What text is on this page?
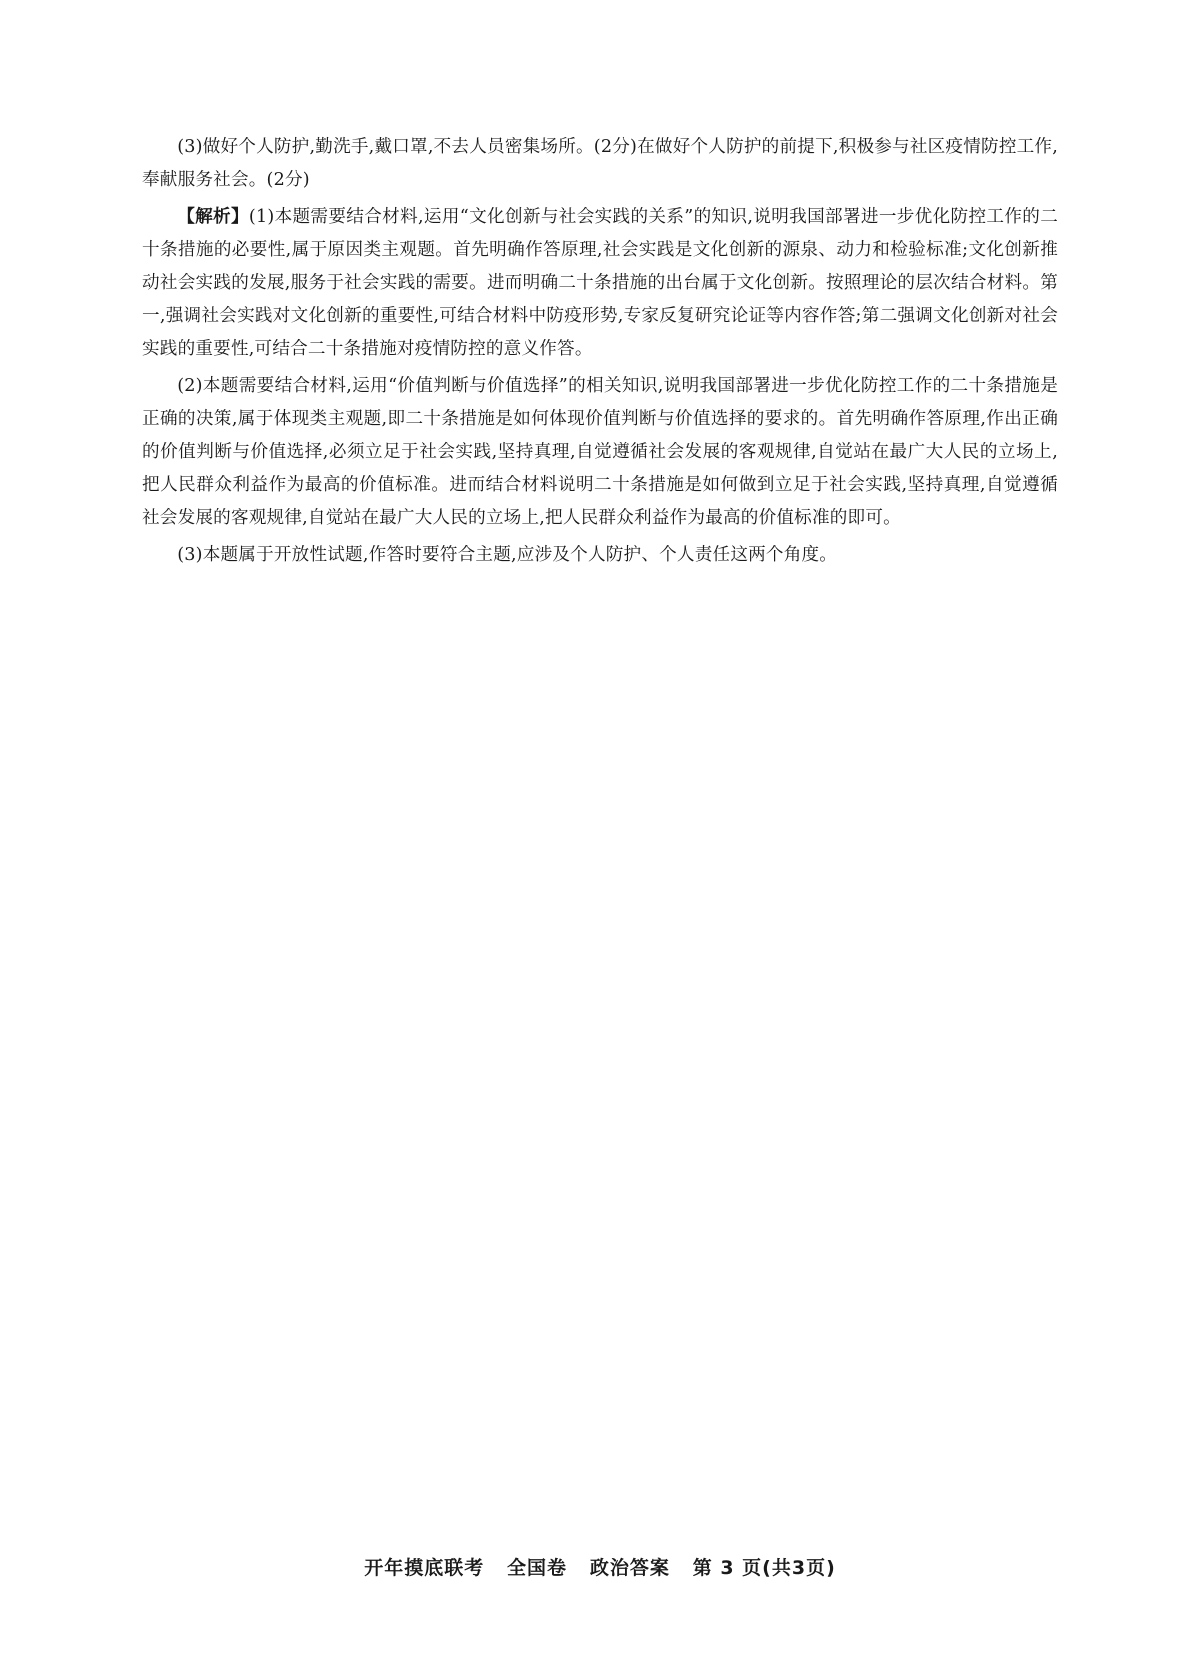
(3)做好个人防护,勤洗手,戴口罩,不去人员密集场所。(2分)在做好个人防护的前提下,积极参与社区疫情防控工作,奉献服务社会。(2分)

【解析】(1)本题需要结合材料,运用“文化创新与社会实践的关系”的知识,说明我国部署进一步优化防控工作的二十条措施的必要性,属于原因类主观题。首先明确作答原理,社会实践是文化创新的源泉、动力和检验标准;文化创新推动社会实践的发展,服务于社会实践的需要。进而明确二十条措施的出台属于文化创新。按照理论的层次结合材料。第一,强调社会实践对文化创新的重要性,可结合材料中防疫形势,专家反复研究论证等内容作答;第二强调文化创新对社会实践的重要性,可结合二十条措施对疫情防控的意义作答。

(2)本题需要结合材料,运用“价值判断与价值选择”的相关知识,说明我国部署进一步优化防控工作的二十条措施是正确的决策,属于体现类主观题,即二十条措施是如何体现价值判断与价值选择的要求的。首先明确作答原理,作出正确的价值判断与价值选择,必须立足于社会实践,坚持真理,自觉遵循社会发展的客观规律,自觉站在最广大人民的立场上,把人民群众利益作为最高的价值标准。进而结合材料说明二十条措施是如何做到立足于社会实践,坚持真理,自觉遵循社会发展的客观规律,自觉站在最广大人民的立场上,把人民群众利益作为最高的价值标准的即可。

(3)本题属于开放性试题,作答时要符合主题,应涉及个人防护、个人责任这两个角度。

开年摸底联考   全国卷   政治答案   第 3 页(共3页)
